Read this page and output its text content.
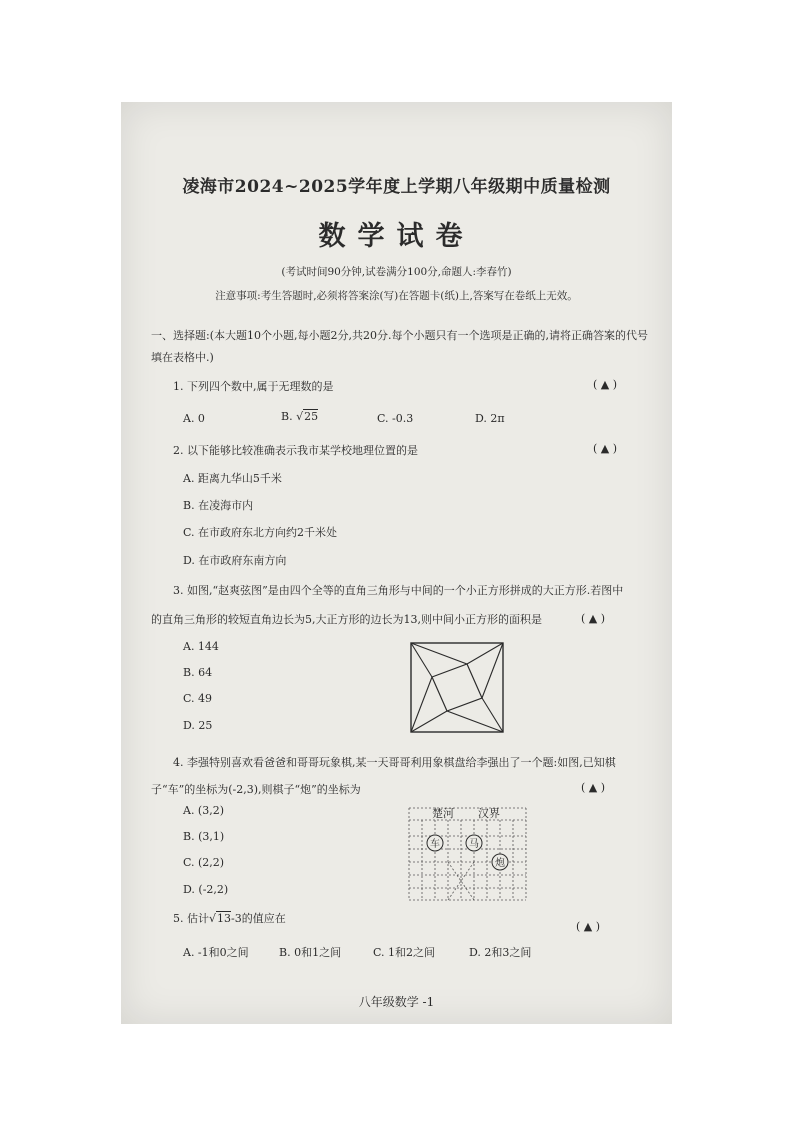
凌海市2024~2025学年度上学期八年级期中质量检测
数学试卷
(考试时间90分钟,试卷满分100分,命题人:李春竹)
注意事项:考生答题时,必须将答案涂(写)在答题卡(纸)上,答案写在卷纸上无效。
一、选择题:(本大题10个小题,每小题2分,共20分.每个小题只有一个选项是正确的,请将正确答案的代号填在表格中.)
1. 下列四个数中,属于无理数的是	( ▲ )
A. 0	B. √25	C. -0.3	D. 2π
2. 以下能够比较准确表示我市某学校地理位置的是	( ▲ )
A. 距离九华山5千米
B. 在凌海市内
C. 在市政府东北方向约2千米处
D. 在市政府东南方向
3. 如图,“赵爽弦图”是由四个全等的直角三角形与中间的一个小正方形拼成的大正方形.若图中
的直角三角形的较短直角边长为5,大正方形的边长为13,则中间小正方形的面积是	( ▲ )
A. 144
B. 64
C. 49
D. 25
4. 李强特别喜欢看爸爸和哥哥玩象棋,某一天哥哥利用象棋盘给李强出了一个题:如图,已知棋
子“车”的坐标为(-2,3),则棋子“炮”的坐标为	( ▲ )
A. (3,2)
B. (3,1)
C. (2,2)
D. (-2,2)
楚河 汉界
车	马
炮
5. 估计√13-3的值应在
( ▲ )
A. -1和0之间	B. 0和1之间	C. 1和2之间	D. 2和3之间
八年级数学 -1
